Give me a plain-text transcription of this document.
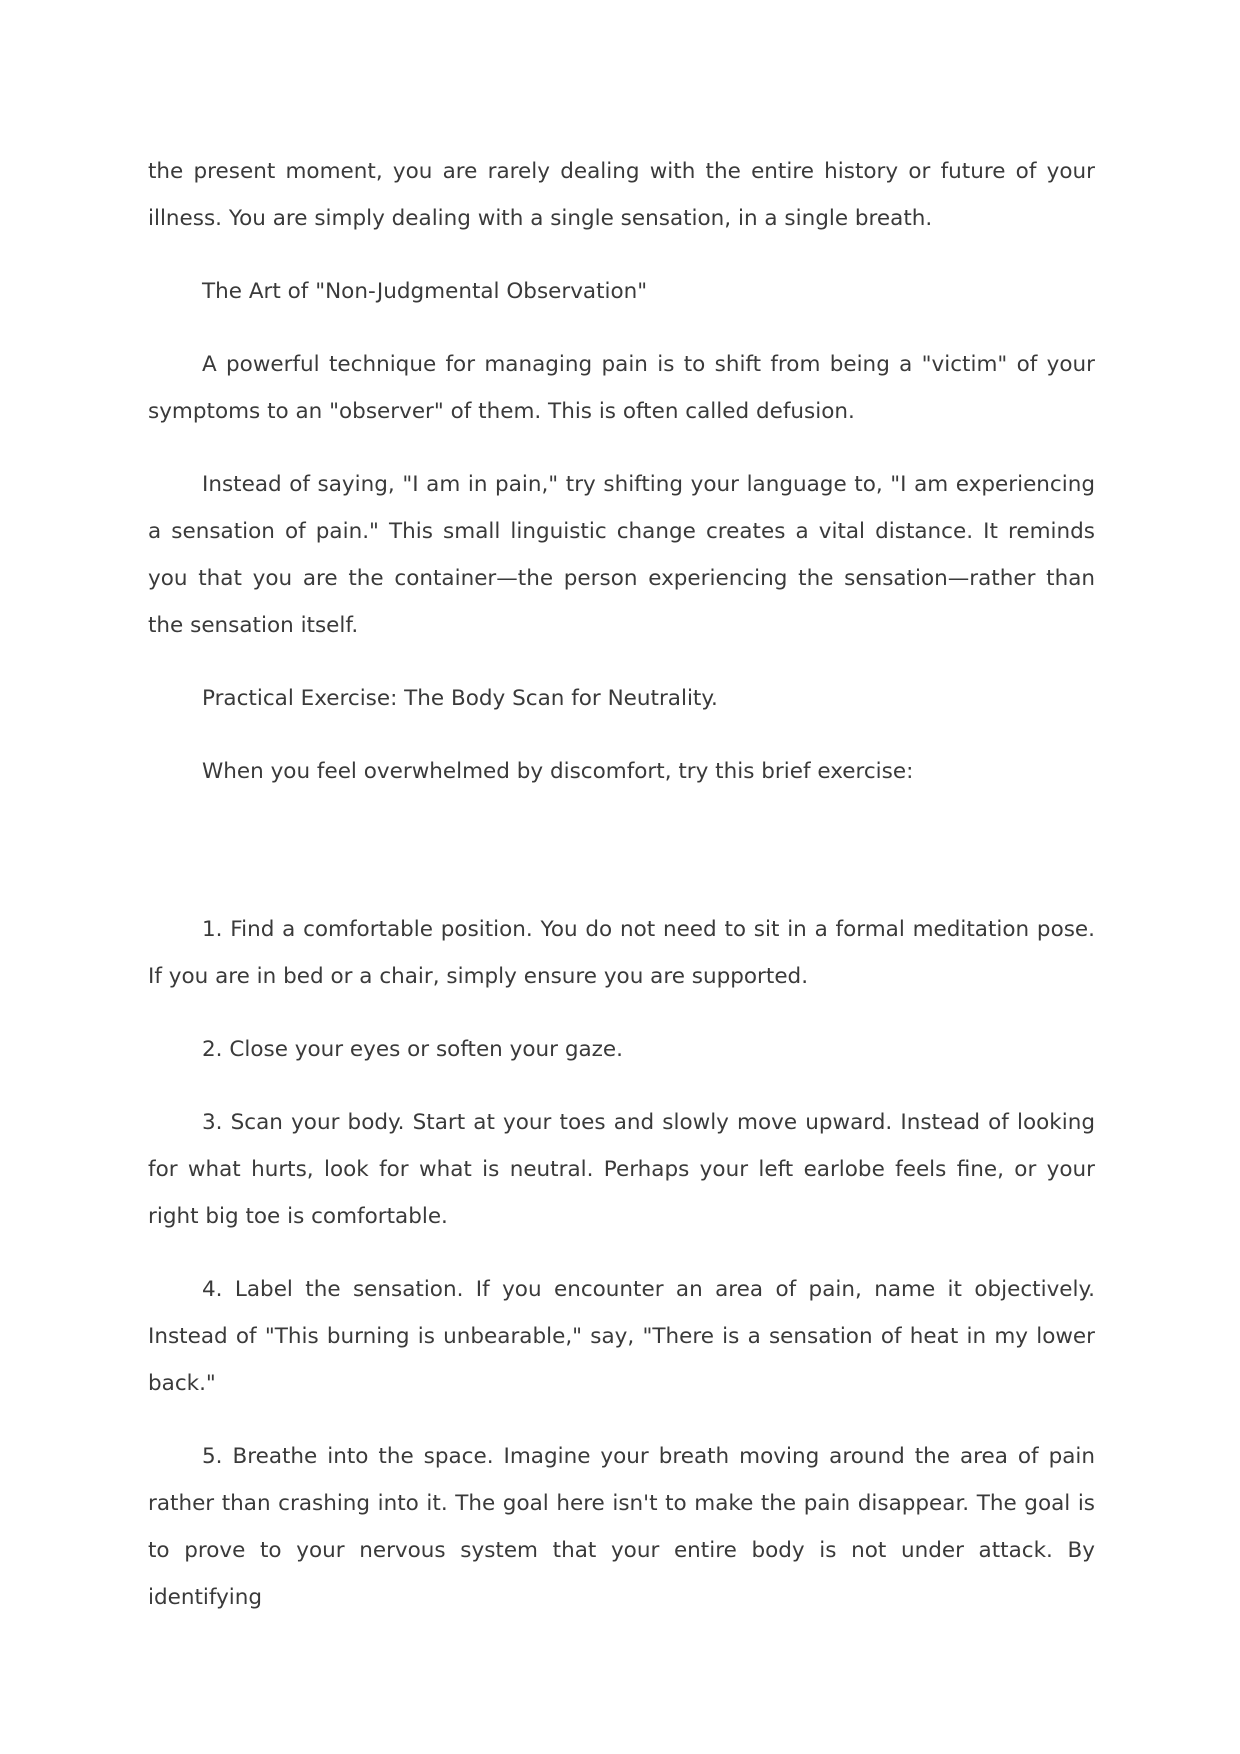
the present moment, you are rarely dealing with the entire history or future of your illness. You are simply dealing with a single sensation, in a single breath.

The Art of "Non-Judgmental Observation"

A powerful technique for managing pain is to shift from being a "victim" of your symptoms to an "observer" of them. This is often called defusion.

Instead of saying, "I am in pain," try shifting your language to, "I am experiencing a sensation of pain." This small linguistic change creates a vital distance. It reminds you that you are the container—the person experiencing the sensation—rather than the sensation itself.

Practical Exercise: The Body Scan for Neutrality.

When you feel overwhelmed by discomfort, try this brief exercise:

1. Find a comfortable position. You do not need to sit in a formal meditation pose. If you are in bed or a chair, simply ensure you are supported.

2. Close your eyes or soften your gaze.

3. Scan your body. Start at your toes and slowly move upward. Instead of looking for what hurts, look for what is neutral. Perhaps your left earlobe feels fine, or your right big toe is comfortable.

4. Label the sensation. If you encounter an area of pain, name it objectively. Instead of "This burning is unbearable," say, "There is a sensation of heat in my lower back."

5. Breathe into the space. Imagine your breath moving around the area of pain rather than crashing into it. The goal here isn't to make the pain disappear. The goal is to prove to your nervous system that your entire body is not under attack. By identifying
